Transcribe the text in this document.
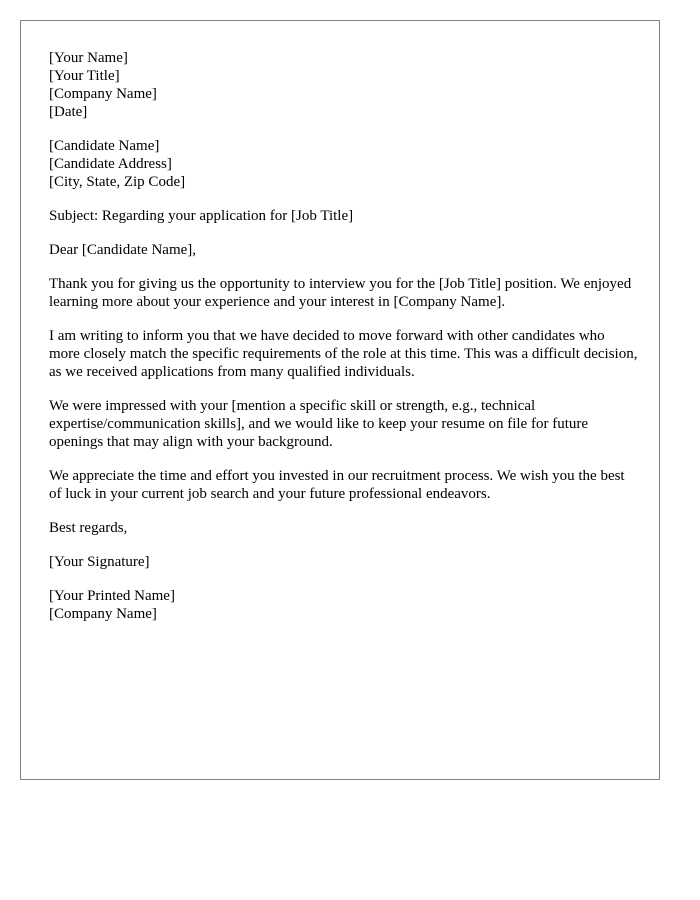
[Your Name]
[Your Title]
[Company Name]
[Date]
[Candidate Name]
[Candidate Address]
[City, State, Zip Code]

Subject: Regarding your application for [Job Title]

Dear [Candidate Name],

Thank you for giving us the opportunity to interview you for the [Job Title] position. We enjoyed learning more about your experience and your interest in [Company Name].

I am writing to inform you that we have decided to move forward with other candidates who more closely match the specific requirements of the role at this time. This was a difficult decision, as we received applications from many qualified individuals.

We were impressed with your [mention a specific skill or strength, e.g., technical expertise/communication skills], and we would like to keep your resume on file for future openings that may align with your background.

We appreciate the time and effort you invested in our recruitment process. We wish you the best of luck in your current job search and your future professional endeavors.

Best regards,

[Your Signature]

[Your Printed Name]
[Company Name]
